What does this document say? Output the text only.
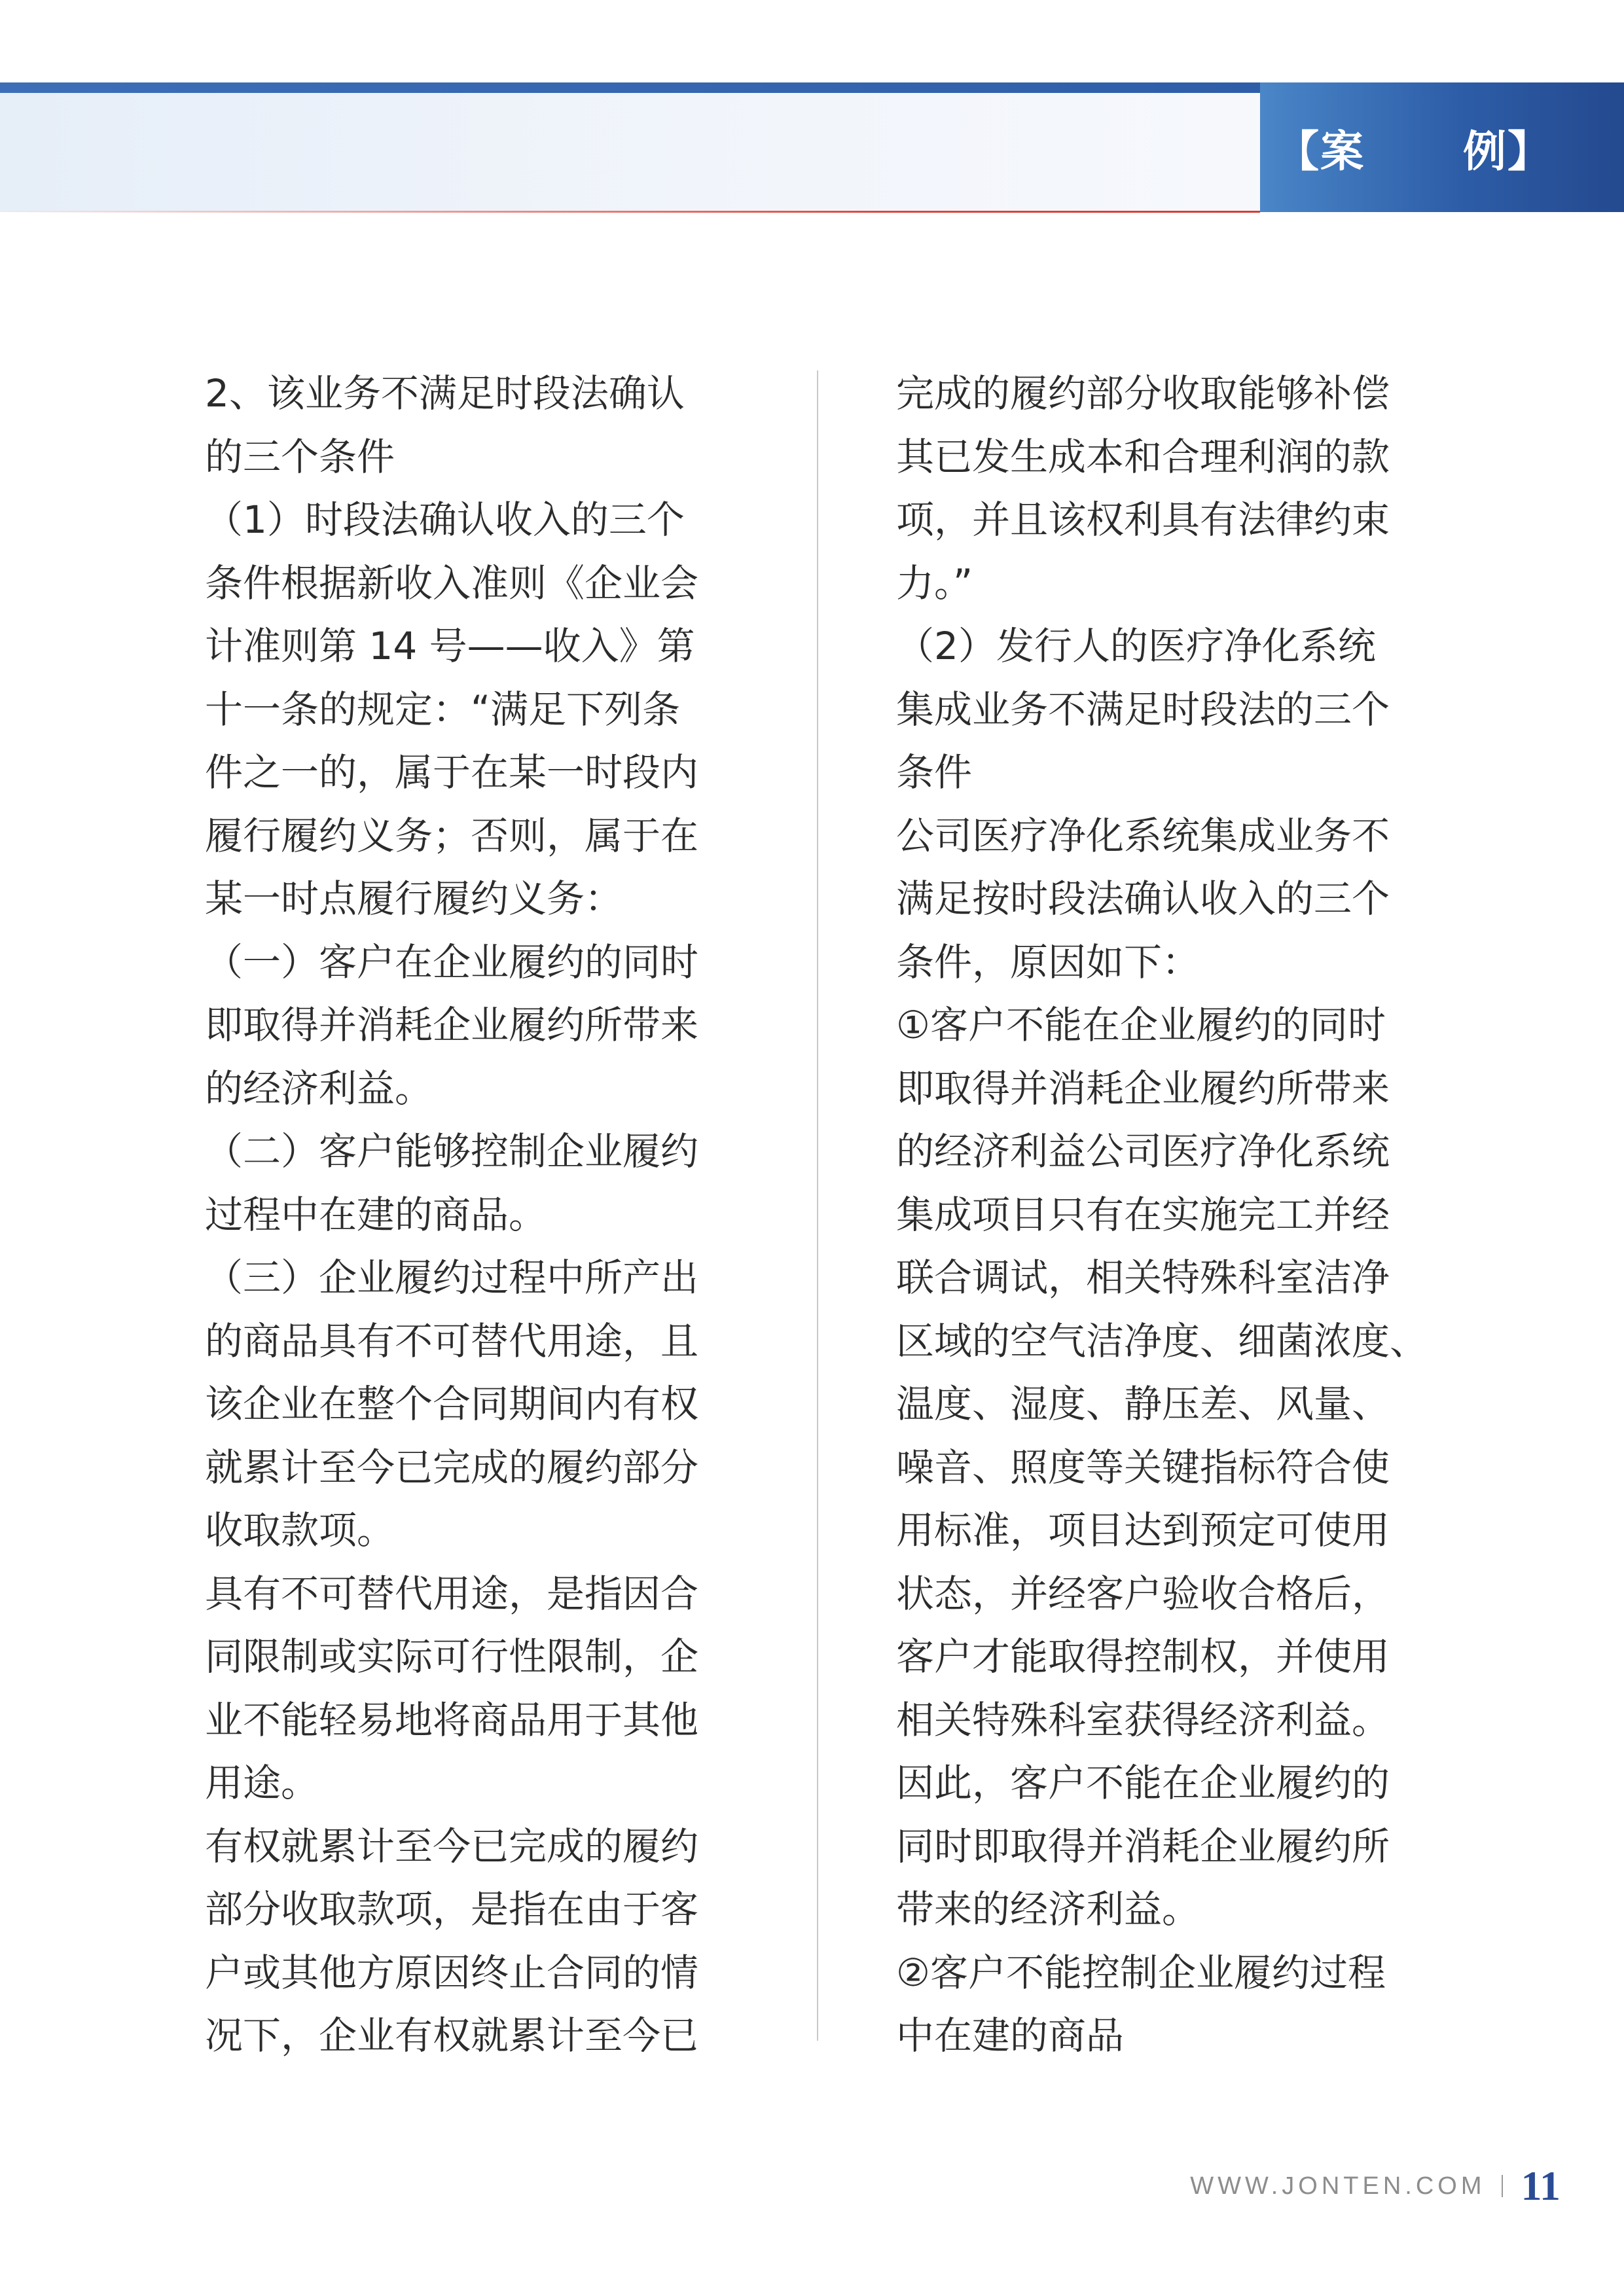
【案      例】
2、该业务不满足时段法确认
的三个条件
（1）时段法确认收入的三个
条件根据新收入准则《企业会
计准则第 14 号——收入》第
十一条的规定：“满足下列条
件之一的，属于在某一时段内
履行履约义务；否则，属于在
某一时点履行履约义务：
（一）客户在企业履约的同时
即取得并消耗企业履约所带来
的经济利益。
（二）客户能够控制企业履约
过程中在建的商品。
（三）企业履约过程中所产出
的商品具有不可替代用途，且
该企业在整个合同期间内有权
就累计至今已完成的履约部分
收取款项。
具有不可替代用途，是指因合
同限制或实际可行性限制，企
业不能轻易地将商品用于其他
用途。
有权就累计至今已完成的履约
部分收取款项，是指在由于客
户或其他方原因终止合同的情
况下，企业有权就累计至今已
完成的履约部分收取能够补偿
其已发生成本和合理利润的款
项，并且该权利具有法律约束
力。”
（2）发行人的医疗净化系统
集成业务不满足时段法的三个
条件
公司医疗净化系统集成业务不
满足按时段法确认收入的三个
条件，原因如下：
①客户不能在企业履约的同时
即取得并消耗企业履约所带来
的经济利益公司医疗净化系统
集成项目只有在实施完工并经
联合调试，相关特殊科室洁净
区域的空气洁净度、细菌浓度、
温度、湿度、静压差、风量、
噪音、照度等关键指标符合使
用标准，项目达到预定可使用
状态，并经客户验收合格后，
客户才能取得控制权，并使用
相关特殊科室获得经济利益。
因此，客户不能在企业履约的
同时即取得并消耗企业履约所
带来的经济利益。
②客户不能控制企业履约过程
中在建的商品
WWW.JONTEN.COM 11
